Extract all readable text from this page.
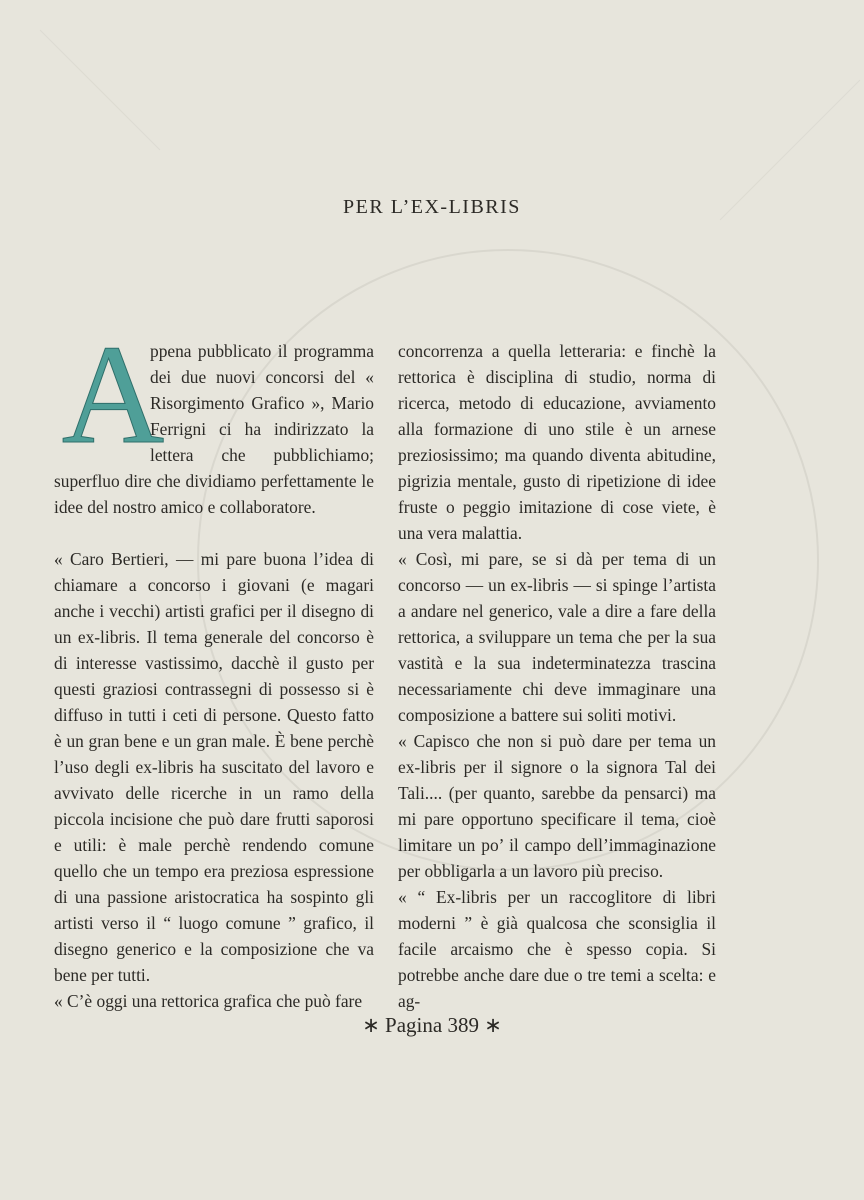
PER L’EX-LIBRIS

A
ppena pubblicato il programma dei due nuovi concorsi del « Risorgimento Grafico », Mario Ferrigni ci ha indirizzato la lettera che pubblichiamo; superfluo dire che dividiamo perfettamente le idee del nostro amico e collaboratore.

« Caro Bertieri, — mi pare buona l’idea di chiamare a concorso i giovani (e magari anche i vecchi) artisti grafici per il disegno di un ex-libris. Il tema generale del concorso è di interesse vastissimo, dacchè il gusto per questi graziosi contrassegni di possesso si è diffuso in tutti i ceti di persone. Questo fatto è un gran bene e un gran male. È bene perchè l’uso degli ex-libris ha suscitato del lavoro e avvivato delle ricerche in un ramo della piccola incisione che può dare frutti saporosi e utili: è male perchè rendendo comune quello che un tempo era preziosa espressione di una passione aristocratica ha sospinto gli artisti verso il “ luogo comune ” grafico, il disegno generico e la composizione che va bene per tutti.

« C’è oggi una rettorica grafica che può fare

concorrenza a quella letteraria: e finchè la rettorica è disciplina di studio, norma di ricerca, metodo di educazione, avviamento alla formazione di uno stile è un arnese preziosissimo; ma quando diventa abitudine, pigrizia mentale, gusto di ripetizione di idee fruste o peggio imitazione di cose viete, è una vera malattia.

« Così, mi pare, se si dà per tema di un concorso — un ex-libris — si spinge l’artista a andare nel generico, vale a dire a fare della rettorica, a sviluppare un tema che per la sua vastità e la sua indeterminatezza trascina necessariamente chi deve immaginare una composizione a battere sui soliti motivi.

« Capisco che non si può dare per tema un ex-libris per il signore o la signora Tal dei Tali.... (per quanto, sarebbe da pensarci) ma mi pare opportuno specificare il tema, cioè limitare un po’ il campo dell’immaginazione per obbligarla a un lavoro più preciso.

« “ Ex-libris per un raccoglitore di libri moderni ” è già qualcosa che sconsiglia il facile arcaismo che è spesso copia. Si potrebbe anche dare due o tre temi a scelta: e ag-

∗ Pagina 389 ∗
